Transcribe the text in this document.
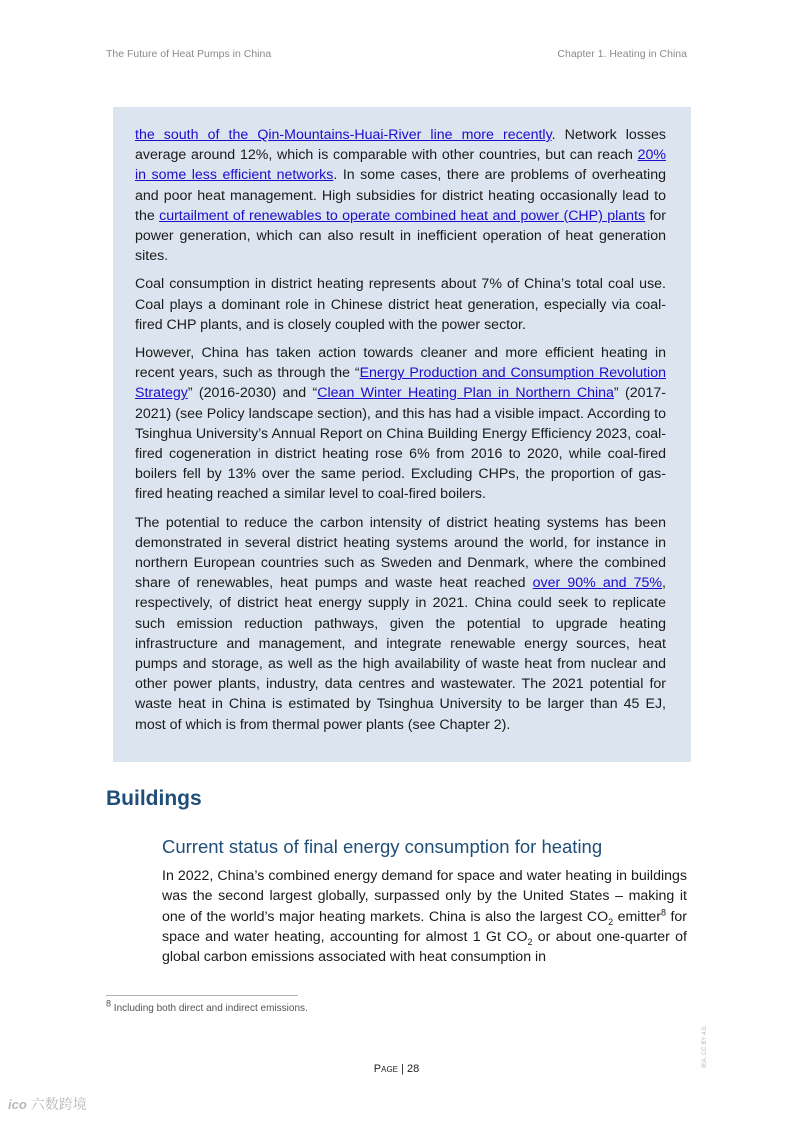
The Future of Heat Pumps in China	Chapter 1. Heating in China

the south of the Qin-Mountains-Huai-River line more recently. Network losses average around 12%, which is comparable with other countries, but can reach 20% in some less efficient networks. In some cases, there are problems of overheating and poor heat management. High subsidies for district heating occasionally lead to the curtailment of renewables to operate combined heat and power (CHP) plants for power generation, which can also result in inefficient operation of heat generation sites.

Coal consumption in district heating represents about 7% of China’s total coal use. Coal plays a dominant role in Chinese district heat generation, especially via coal-fired CHP plants, and is closely coupled with the power sector.

However, China has taken action towards cleaner and more efficient heating in recent years, such as through the “Energy Production and Consumption Revolution Strategy” (2016-2030) and “Clean Winter Heating Plan in Northern China” (2017-2021) (see Policy landscape section), and this has had a visible impact. According to Tsinghua University’s Annual Report on China Building Energy Efficiency 2023, coal-fired cogeneration in district heating rose 6% from 2016 to 2020, while coal-fired boilers fell by 13% over the same period. Excluding CHPs, the proportion of gas-fired heating reached a similar level to coal-fired boilers.

The potential to reduce the carbon intensity of district heating systems has been demonstrated in several district heating systems around the world, for instance in northern European countries such as Sweden and Denmark, where the combined share of renewables, heat pumps and waste heat reached over 90% and 75%, respectively, of district heat energy supply in 2021. China could seek to replicate such emission reduction pathways, given the potential to upgrade heating infrastructure and management, and integrate renewable energy sources, heat pumps and storage, as well as the high availability of waste heat from nuclear and other power plants, industry, data centres and wastewater. The 2021 potential for waste heat in China is estimated by Tsinghua University to be larger than 45 EJ, most of which is from thermal power plants (see Chapter 2).

Buildings
Current status of final energy consumption for heating

In 2022, China’s combined energy demand for space and water heating in buildings was the second largest globally, surpassed only by the United States – making it one of the world’s major heating markets. China is also the largest $CO_2$ emitter$^8$ for space and water heating, accounting for almost 1 Gt $CO_2$ or about one-quarter of global carbon emissions associated with heat consumption in

$^8$ Including both direct and indirect emissions.
Page | 28
IEA. CC BY 4.0.
ico 六数跨境
